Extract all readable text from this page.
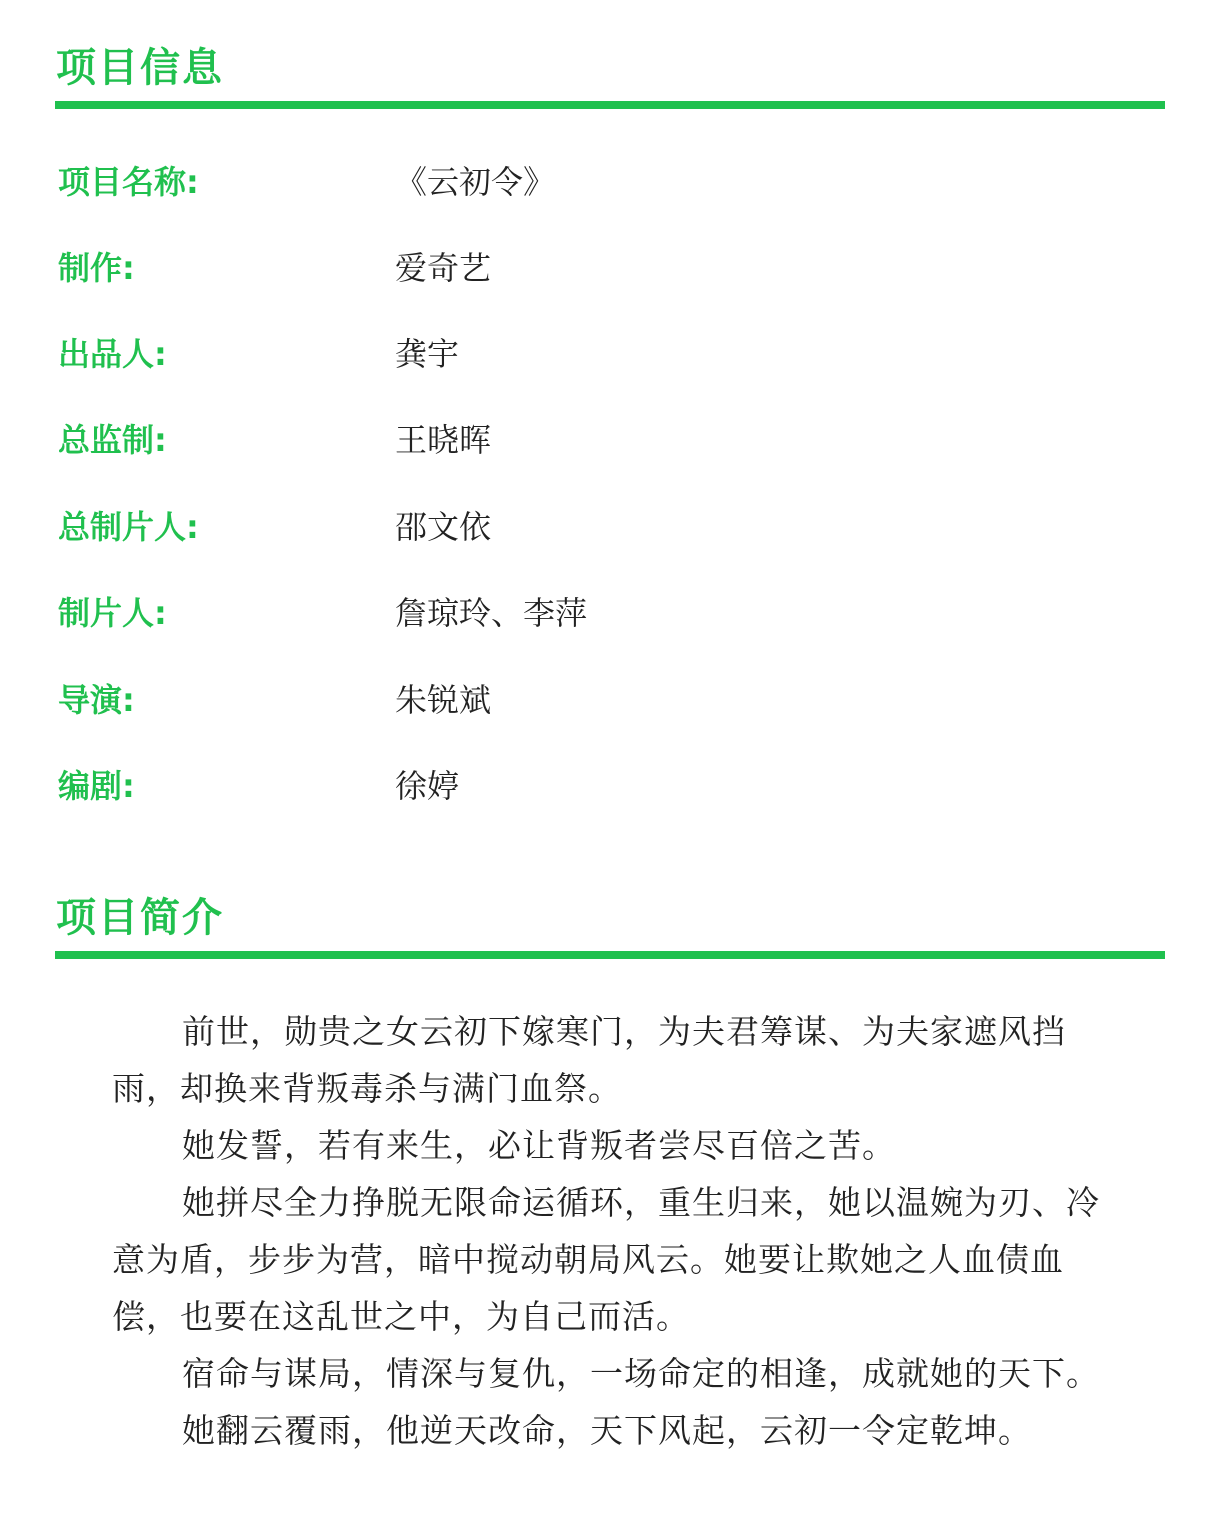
项目信息
项目名称:	《云初令》
制作:	爱奇艺
出品人:	龚宇
总监制:	王晓晖
总制片人:	邵文依
制片人:	詹琼玲、李萍
导演:	朱锐斌
编剧:	徐婷
项目简介

前世，勋贵之女云初下嫁寒门，为夫君筹谋、为夫家遮风挡雨，却换来背叛毒杀与满门血祭。

她发誓，若有来生，必让背叛者尝尽百倍之苦。

她拼尽全力挣脱无限命运循环，重生归来，她以温婉为刃、冷意为盾，步步为营，暗中搅动朝局风云。她要让欺她之人血债血偿，也要在这乱世之中，为自己而活。

宿命与谋局，情深与复仇，一场命定的相逢，成就她的天下。

她翻云覆雨，他逆天改命，天下风起，云初一令定乾坤。
